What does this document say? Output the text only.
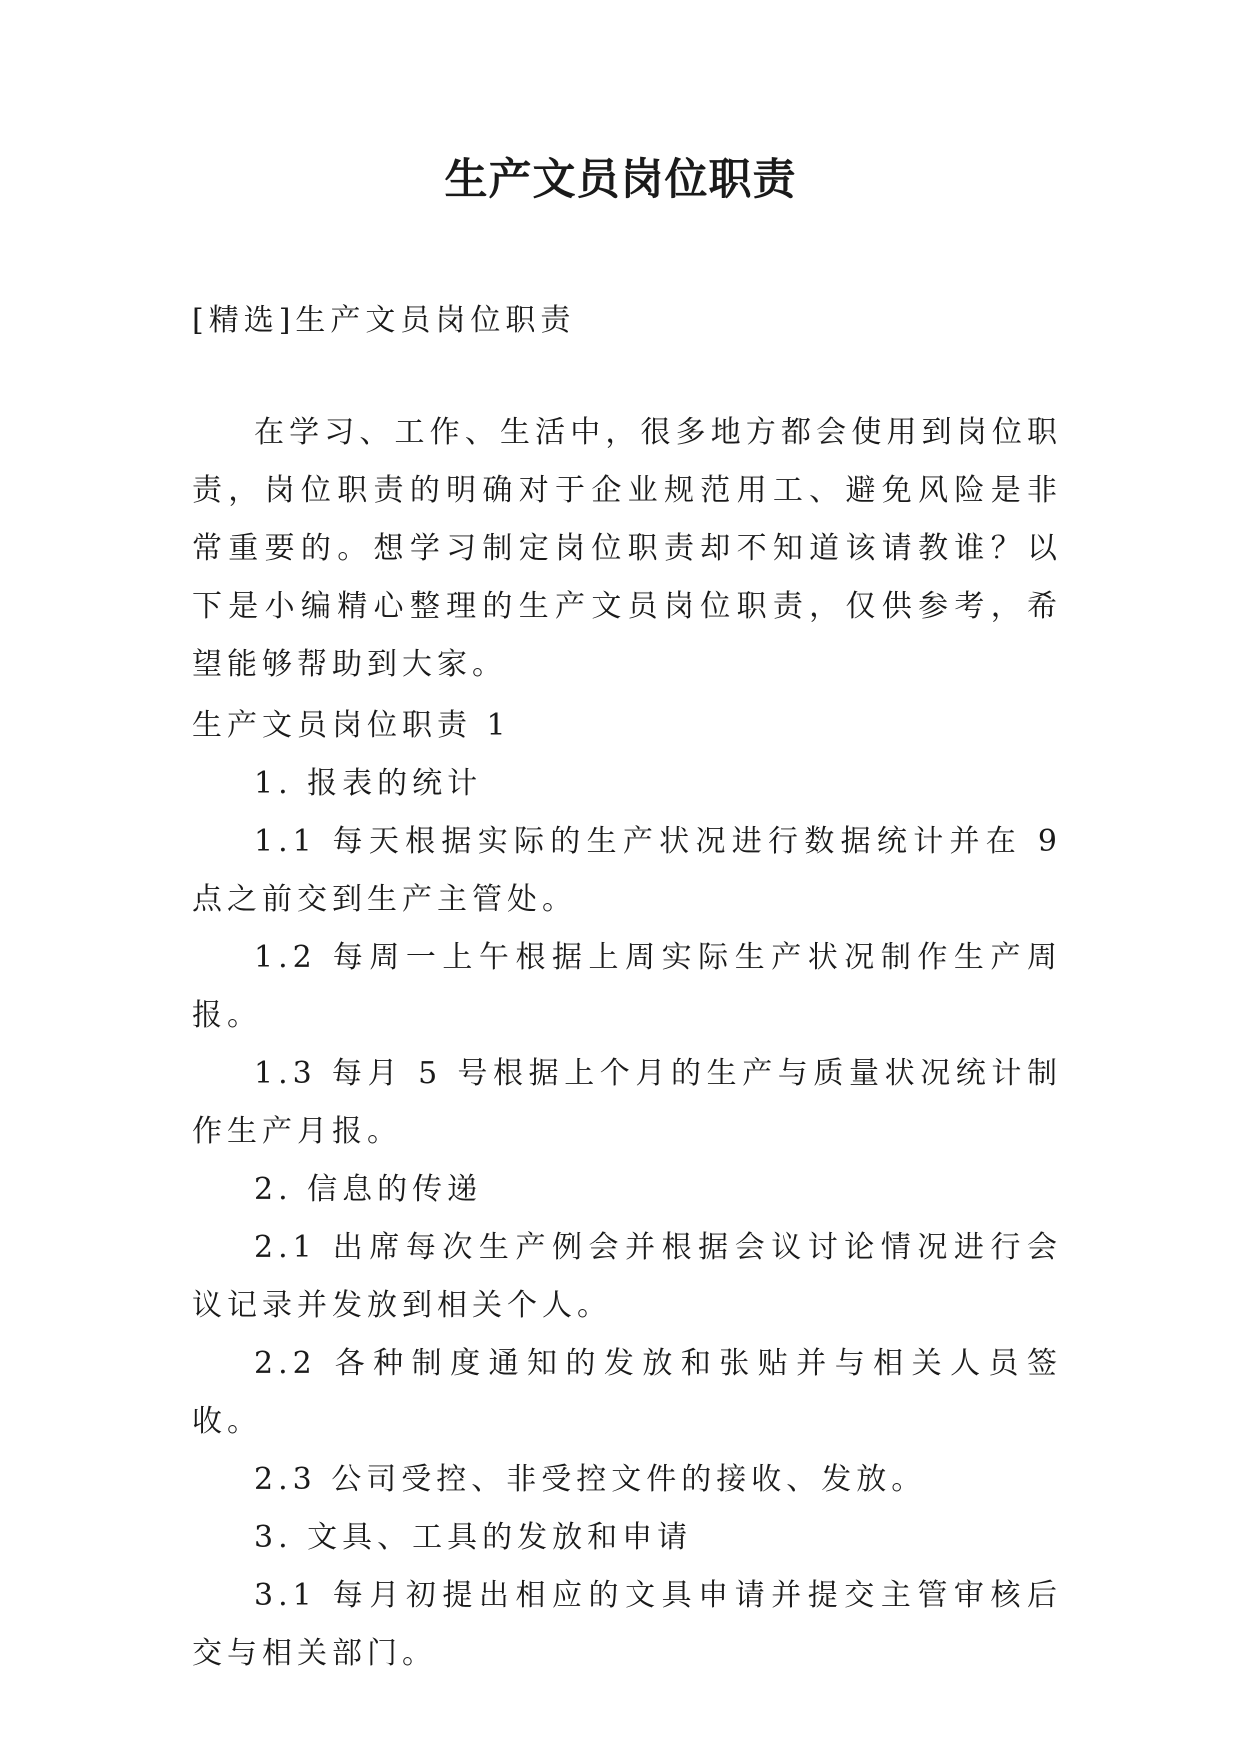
生产文员岗位职责

[精选]生产文员岗位职责

在学习、工作、生活中，很多地方都会使用到岗位职责，岗位职责的明确对于企业规范用工、避免风险是非常重要的。想学习制定岗位职责却不知道该请教谁？以下是小编精心整理的生产文员岗位职责，仅供参考，希望能够帮助到大家。

生产文员岗位职责 1

1. 报表的统计

1.1 每天根据实际的生产状况进行数据统计并在 9 点之前交到生产主管处。

1.2 每周一上午根据上周实际生产状况制作生产周报。

1.3 每月 5 号根据上个月的生产与质量状况统计制作生产月报。

2. 信息的传递

2.1 出席每次生产例会并根据会议讨论情况进行会议记录并发放到相关个人。

2.2 各种制度通知的发放和张贴并与相关人员签收。

2.3 公司受控、非受控文件的接收、发放。

3. 文具、工具的发放和申请

3.1 每月初提出相应的文具申请并提交主管审核后交与相关部门。
